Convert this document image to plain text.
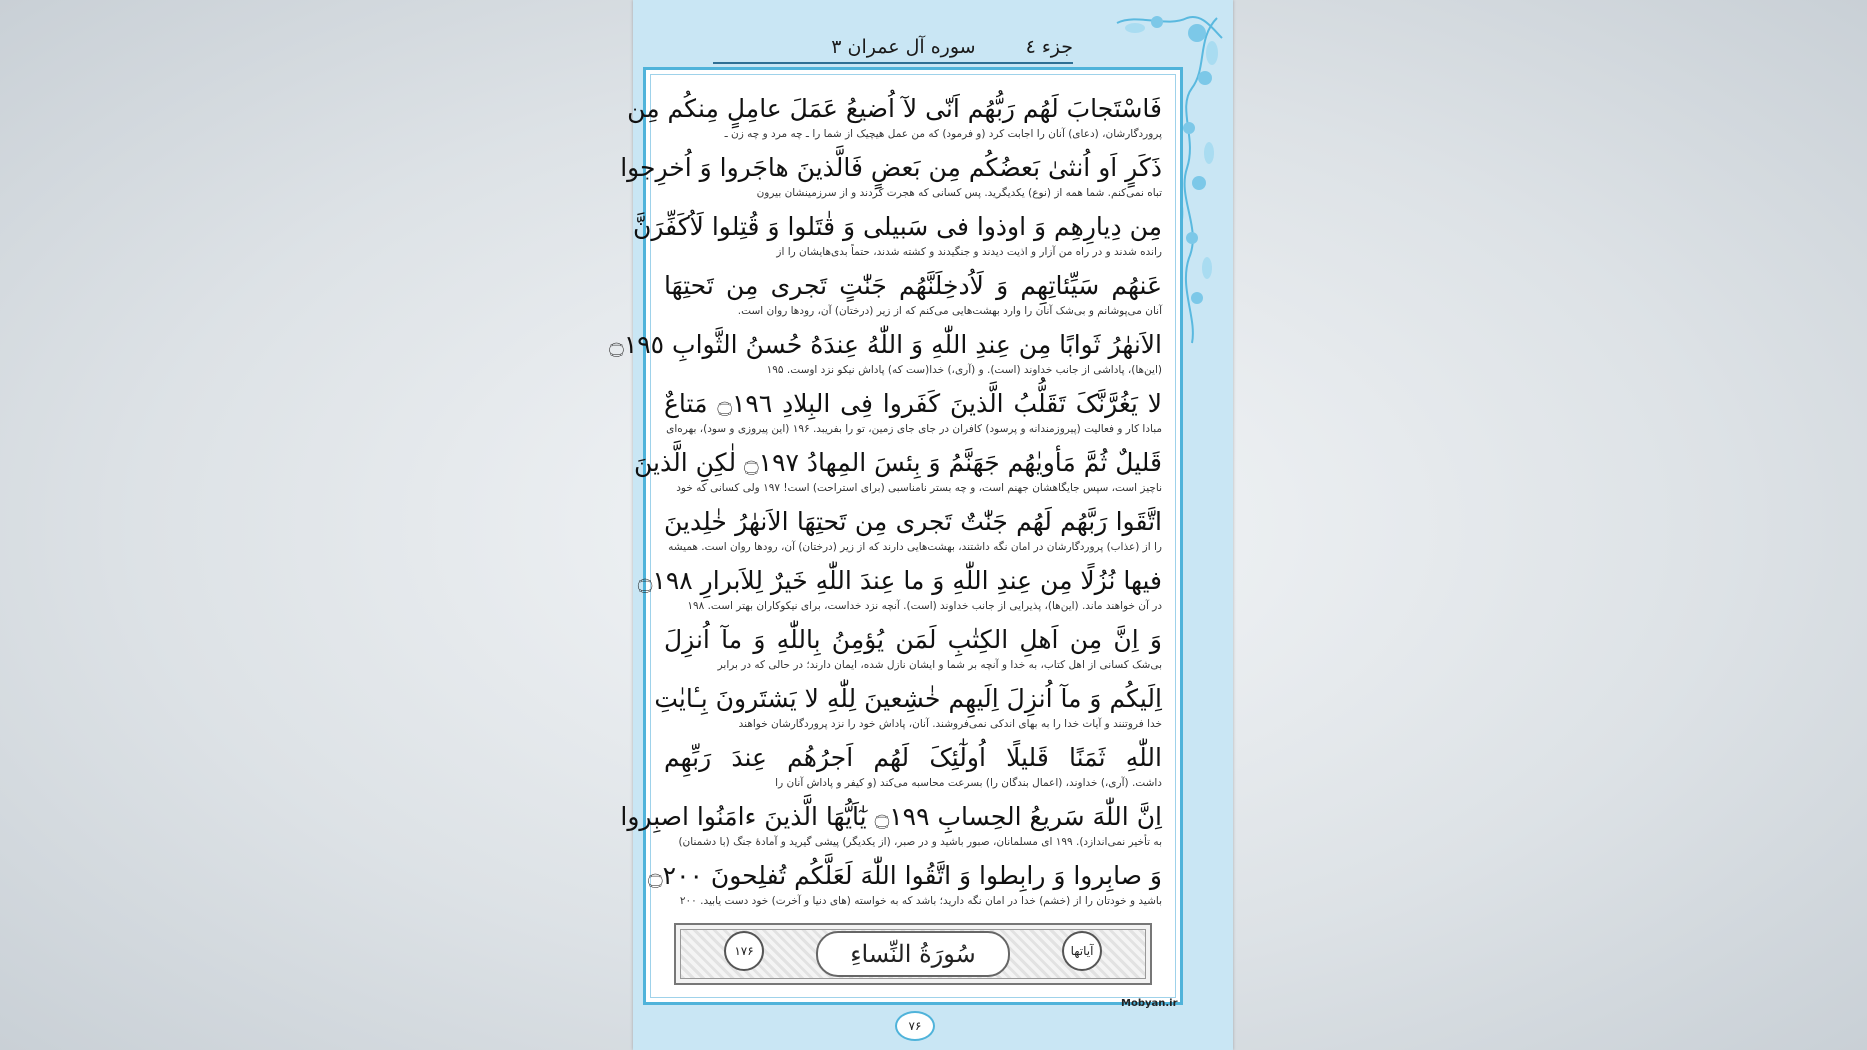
جزء ٤
سوره آل عمران ۳
فَاسْتَجابَ لَهُم رَبُّهُم اَنّی لآ اُضیعُ عَمَلَ عامِلٍ مِنکُم مِن
پروردگارشان، (دعای) آنان را اجابت کرد (و فرمود) که من عمل هیچیک از شما را ـ چه مرد و چه زن ـ
ذَکَرٍ اَو اُنثیٰ بَعضُکُم مِن بَعضٍ فَالَّذینَ هاجَروا وَ اُخرِجوا
تباه نمی‌کنم. شما همه از (نوع) یکدیگرید. پس کسانی که هجرت کردند و از سرزمینشان بیرون
مِن دِیارِهِم وَ اوذوا فی سَبیلی وَ قٰتَلوا وَ قُتِلوا لَاُکَفِّرَنَّ
رانده شدند و در راه من آزار و اذیت دیدند و جنگیدند و کشته شدند، حتماً بدی‌هایشان را از
عَنهُم سَیِّئاتِهِم وَ لَاُدخِلَنَّهُم جَنّٰتٍ تَجری مِن تَحتِهَا
آنان می‌پوشانم و بی‌شک آنان را وارد بهشت‌هایی می‌کنم که از زیر (درختان) آن، رودها روان است.
الاَنهٰرُ ثَوابًا مِن عِندِ اللّٰهِ وَ اللّٰهُ عِندَهُ حُسنُ الثَّوابِ ۝١٩٥
(این‌ها)، پاداشی از جانب خداوند (است). و (آری،) خدا(ست که) پاداش نیکو نزد اوست. ۱۹۵
لا یَغُرَّنَّکَ تَقَلُّبُ الَّذینَ کَفَروا فِی البِلادِ ۝١٩٦ مَتاعٌ
مبادا کار و فعالیت (پیروزمندانه و پرسود) کافران در جای جای زمین، تو را بفریبد. ۱۹۶ (این پیروزی و سود)، بهره‌ای
قَلیلٌ ثُمَّ مَأویٰهُم جَهَنَّمُ وَ بِئسَ المِهادُ ۝١٩٧ لٰکِنِ الَّذینَ
ناچیز است، سپس جایگاهشان جهنم است، و چه بستر نامناسبی (برای استراحت) است! ۱۹۷ ولی کسانی که خود
اتَّقَوا رَبَّهُم لَهُم جَنّٰتٌ تَجری مِن تَحتِهَا الاَنهٰرُ خٰلِدینَ
را از (عذاب) پروردگارشان در امان نگه داشتند، بهشت‌هایی دارند که از زیر (درختان) آن، رودها روان است. همیشه
فیها نُزُلًا مِن عِندِ اللّٰهِ وَ ما عِندَ اللّٰهِ خَیرٌ لِلاَبرارِ ۝١٩٨
در آن خواهند ماند. (این‌ها)، پذیرایی از جانب خداوند (است). آنچه نزد خداست، برای نیکوکاران بهتر است. ۱۹۸
وَ اِنَّ مِن اَهلِ الکِتٰبِ لَمَن یُؤمِنُ بِاللّٰهِ وَ مآ اُنزِلَ
بی‌شک کسانی از اهل کتاب، به خدا و آنچه بر شما و ایشان نازل شده، ایمان دارند؛ در حالی که در برابر
اِلَیکُم وَ مآ اُنزِلَ اِلَیهِم خٰشِعینَ لِلّٰهِ لا یَشتَرونَ بِـٔایٰتِ
خدا فروتنند و آیات خدا را به بهای اندکی نمی‌فروشند. آنان، پاداش خود را نزد پروردگارشان خواهند
اللّٰهِ ثَمَنًا قَلیلًا اُولٰٓئِکَ لَهُم اَجرُهُم عِندَ رَبِّهِم
داشت. (آری،) خداوند، (اعمال بندگان را) بسرعت محاسبه می‌کند (و کیفر و پاداش آنان را
اِنَّ اللّٰهَ سَریعُ الحِسابِ ۝١٩٩ یٰٓاَیُّهَا الَّذینَ ءامَنُوا اصبِروا
به تأخیر نمی‌اندازد). ۱۹۹ ای مسلمانان، صبور باشید و در صبر، (از یکدیگر) پیشی گیرید و آمادهٔ جنگ (با دشمنان)
وَ صابِروا وَ رابِطوا وَ اتَّقُوا اللّٰهَ لَعَلَّکُم تُفلِحونَ ۝٢٠٠
باشید و خودتان را از (خشم) خدا در امان نگه دارید؛ باشد که به خواسته (های دنیا و آخرت) خود دست یابید. ۲۰۰
۱۷۶	سُورَةُ النِّساءِ	آیاتها
Mobyan.ir
۷۶
